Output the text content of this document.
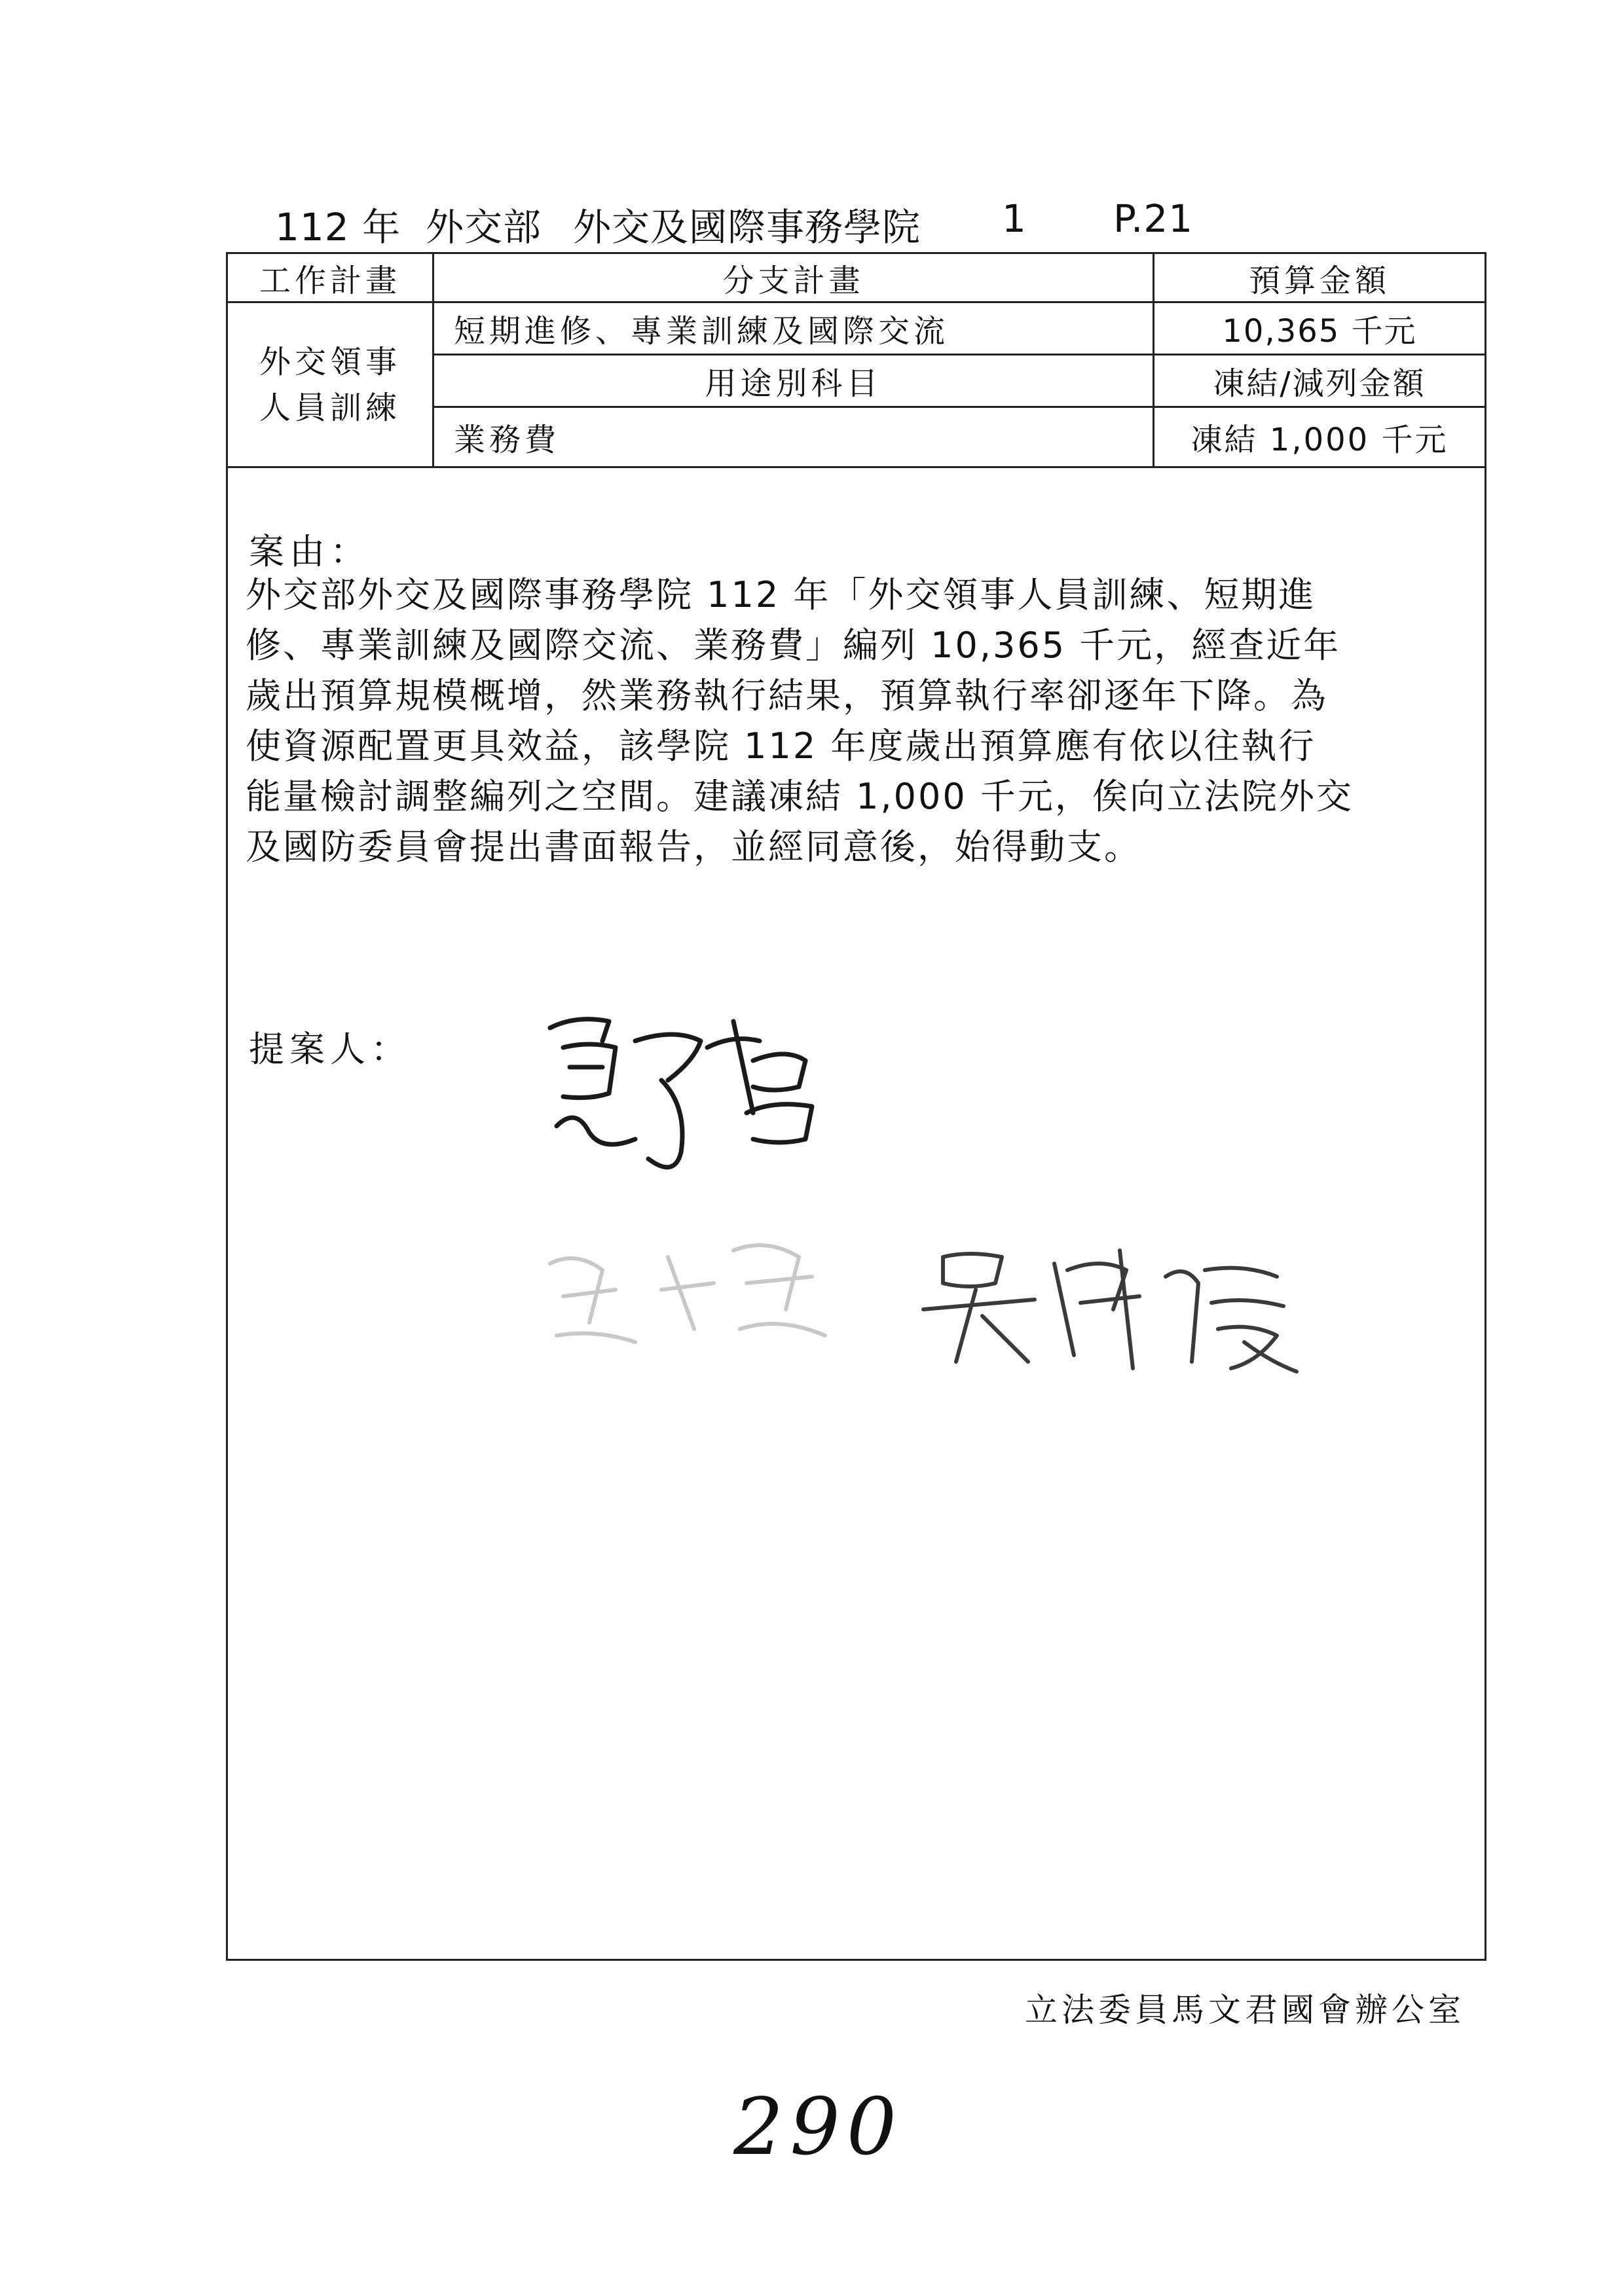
112 年 外交部 外交及國際事務學院 1 P.21
工作計畫	分支計畫	預算金額
外交領事
人員訓練
短期進修、專業訓練及國際交流	10,365 千元
用途別科目	凍結/減列金額
業務費	凍結 1,000 千元
案由：
外交部外交及國際事務學院 112 年「外交領事人員訓練、短期進
修、專業訓練及國際交流、業務費」編列 10,365 千元，經查近年
歲出預算規模概增，然業務執行結果，預算執行率卻逐年下降。為
使資源配置更具效益，該學院 112 年度歲出預算應有依以往執行
能量檢討調整編列之空間。建議凍結 1,000 千元，俟向立法院外交
及國防委員會提出書面報告，並經同意後，始得動支。
提案人：
立法委員馬文君國會辦公室
290
